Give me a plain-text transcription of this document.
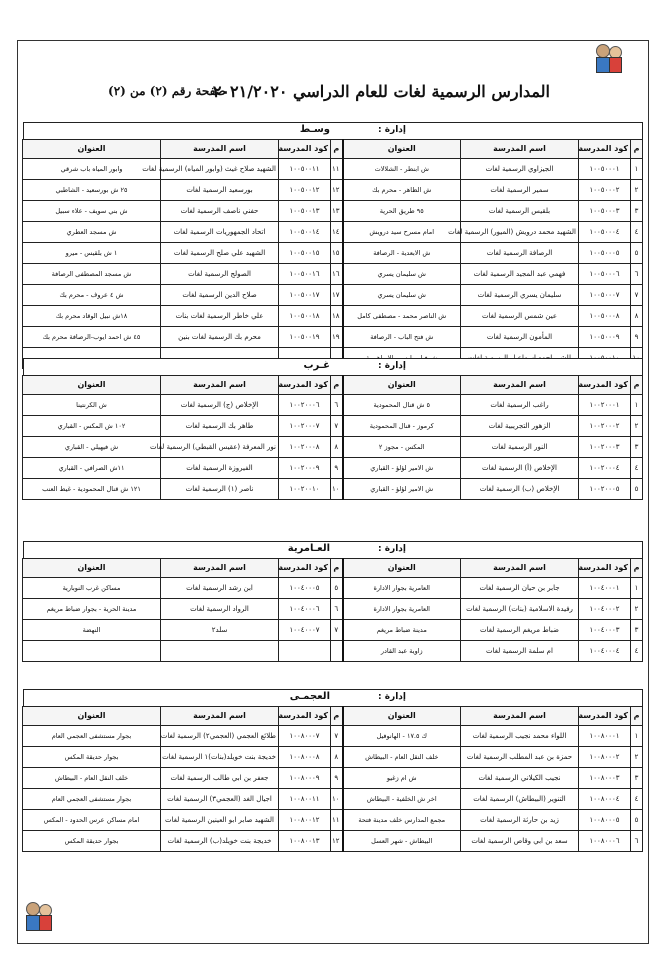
المدارس الرسمية لغات للعام الدراسي ٢٠٢١/٢٠٢٠
صفحة رقم (٢) من (٢)
إدارة :
وسـط
م	كود المدرسة	اسم المدرسة	العنوان	م	كود المدرسة	اسم المدرسة	العنوان
١	١٠٠٥٠٠٠١	الجيزاوي الرسمية لغات	ش ابنطر - الشلالات	١١	١٠٠٥٠٠١١	الشهيد صلاح غيث (وابور المياه) الرسمية لغات	وابور المياه باب شرقي
٢	١٠٠٥٠٠٠٢	سمير الرسمية لغات	ش الظاهر - محرم بك	١٢	١٠٠٥٠٠١٢	بورسعيد الرسمية لغات	٢٥ ش بورسعيد - الشاطبي
٣	١٠٠٥٠٠٠٣	بلقيس الرسمية لغات	٩٥ طريق الحرية	١٣	١٠٠٥٠٠١٣	حفني ناصف الرسمية لغات	ش بني سويف - علاء سبيل
٤	١٠٠٥٠٠٠٤	الشهيد محمد درويش (الميور) الرسمية لغات	امام مسرح سيد درويش	١٤	١٠٠٥٠٠١٤	اتحاد الجمهوريات الرسمية لغات	ش مسجد العطري
٥	١٠٠٥٠٠٠٥	الرصافة الرسمية لغات	ش الابعدية - الرصافة	١٥	١٠٠٥٠٠١٥	الشهيد علي صلح الرسمية لغات	١ ش بلقيس - ميرو
٦	١٠٠٥٠٠٠٦	فهمي عبد المجيد الرسمية لغات	ش سليمان يسري	١٦	١٠٠٥٠٠١٦	الصولج الرسمية لغات	ش مسجد المصطفى الرصافة
٧	١٠٠٥٠٠٠٧	سليمان يسري الرسمية لغات	ش سليمان يسري	١٧	١٠٠٥٠٠١٧	صلاح الدين الرسمية لغات	ش ٤ عروف - محرم بك
٨	١٠٠٥٠٠٠٨	عين شمس الرسمية لغات	ش الناصر محمد - مصطفى كامل	١٨	١٠٠٥٠٠١٨	علي خاطر الرسمية لغات بنات	١٨ش نبيل الوقاد محرم بك
٩	١٠٠٥٠٠٠٩	المأمون الرسمية لغات	ش فتح الباب - الرصافة	١٩	١٠٠٥٠٠١٩	محرم بك الرسمية لغات بنين	٤٥ ش احمد ايوب-الرصافة محرم بك

إدارة :
غـرب
م	كود المدرسة	اسم المدرسة	العنوان	م	كود المدرسة	اسم المدرسة	العنوان
١	١٠٠٢٠٠٠١	راغب الرسمية لغات	٥ ش قنال المحمودية	٦	١٠٠٢٠٠٠٦	الإخلاص (ج) الرسمية لغات	ش الكرنتينا
٢	١٠٠٢٠٠٠٢	الزهور التجريبية لغات	كرموز - قنال المحمودية	٧	١٠٠٢٠٠٠٧	طاهر بك الرسمية لغات	١٠٢ ش المكس - القباري
٣	١٠٠٢٠٠٠٣	النور الرسمية لغات	المكس - مجوز ٢	٨	١٠٠٢٠٠٠٨	نور المعرفة (عقيس القبطي) الرسمية لغات	ش فيهيلي - القباري
٤	١٠٠٢٠٠٠٤	الإخلاص (أ) الرسمية لغات	ش الامير لؤلؤ - القباري	٩	١٠٠٢٠٠٠٩	الفيروزة الرسمية لغات	١١ش الصرافي - القباري
٥	١٠٠٢٠٠٠٥	الإخلاص (ب) الرسمية لغات	ش الامير لؤلؤ - القباري	١٠	١٠٠٢٠٠١٠	ناصر (١) الرسمية لغات	١٢١ ش قنال المحمودية - غيط العنب
إدارة :
العـامرية
م	كود المدرسة	اسم المدرسة	العنوان	م	كود المدرسة	اسم المدرسة	العنوان
١	١٠٠٤٠٠٠١	جابر بن حيان الرسمية لغات	العامرية بجوار الادارة	٥	١٠٠٤٠٠٠٥	ابن رشد الرسمية لغات	مساكن غرب النوبارية
٢	١٠٠٤٠٠٠٢	رفيدة الاسلامية (بنات) الرسمية لغات	العامرية بجوار الادارة	٦	١٠٠٤٠٠٠٦	الرواد الرسمية لغات	مدينة الحرية - بجوار ضباط مريغم
٣	١٠٠٤٠٠٠٣	ضباط مريغم الرسمية لغات	مدينة ضباط مريغم	٧	١٠٠٤٠٠٠٧	سلد٢	النهضة
٤	١٠٠٤٠٠٠٤	ام سلمة الرسمية لغات	زاوية عبد القادر				
إدارة :
العجمـى
م	كود المدرسة	اسم المدرسة	العنوان	م	كود المدرسة	اسم المدرسة	العنوان
١	١٠٠٨٠٠٠١	اللواء محمد نجيب الرسمية لغات	ك ١٧.٥ - الهانوفيل	٧	١٠٠٨٠٠٠٧	طلائع العجمي (العجمي٢) الرسمية لغات	بجوار مستشفى العجمي العام
٢	١٠٠٨٠٠٠٢	حمزة بن عبد المطلب الرسمية لغات	خلف النقل العام - البيطاش	٨	١٠٠٨٠٠٠٨	خديجة بنت خويلد(بنات)١ الرسمية لغات	بجوار حديقة المكس
٣	١٠٠٨٠٠٠٣	نجيب الكيلاني الرسمية لغات	ش ام زغيو	٩	١٠٠٨٠٠٠٩	جعفر بن ابي طالب الرسمية لغات	خلف النقل العام - البيطاش
٤	١٠٠٨٠٠٠٤	التنوير (البيطاش) الرسمية لغات	اخر ش الخلفية - البيطاش	١٠	١٠٠٨٠٠١١	اجيال الغد (العجمي٣) الرسمية لغات	بجوار مستشفى العجمي العام
٥	١٠٠٨٠٠٠٥	زيد بن حارثة الرسمية لغات	مجمع المدارس خلف مدينة فتحة	١١	١٠٠٨٠٠١٢	الشهيد صابر ابو العينين الرسمية لغات	امام مساكن عرس الحدود - المكس
٦	١٠٠٨٠٠٠٦	سعد بن ابي وقاص الرسمية لغات	البيطاش - شهر العسل	١٢	١٠٠٨٠٠١٣	خديجة بنت خويلد(ب) الرسمية لغات	بجوار حديقة المكس
